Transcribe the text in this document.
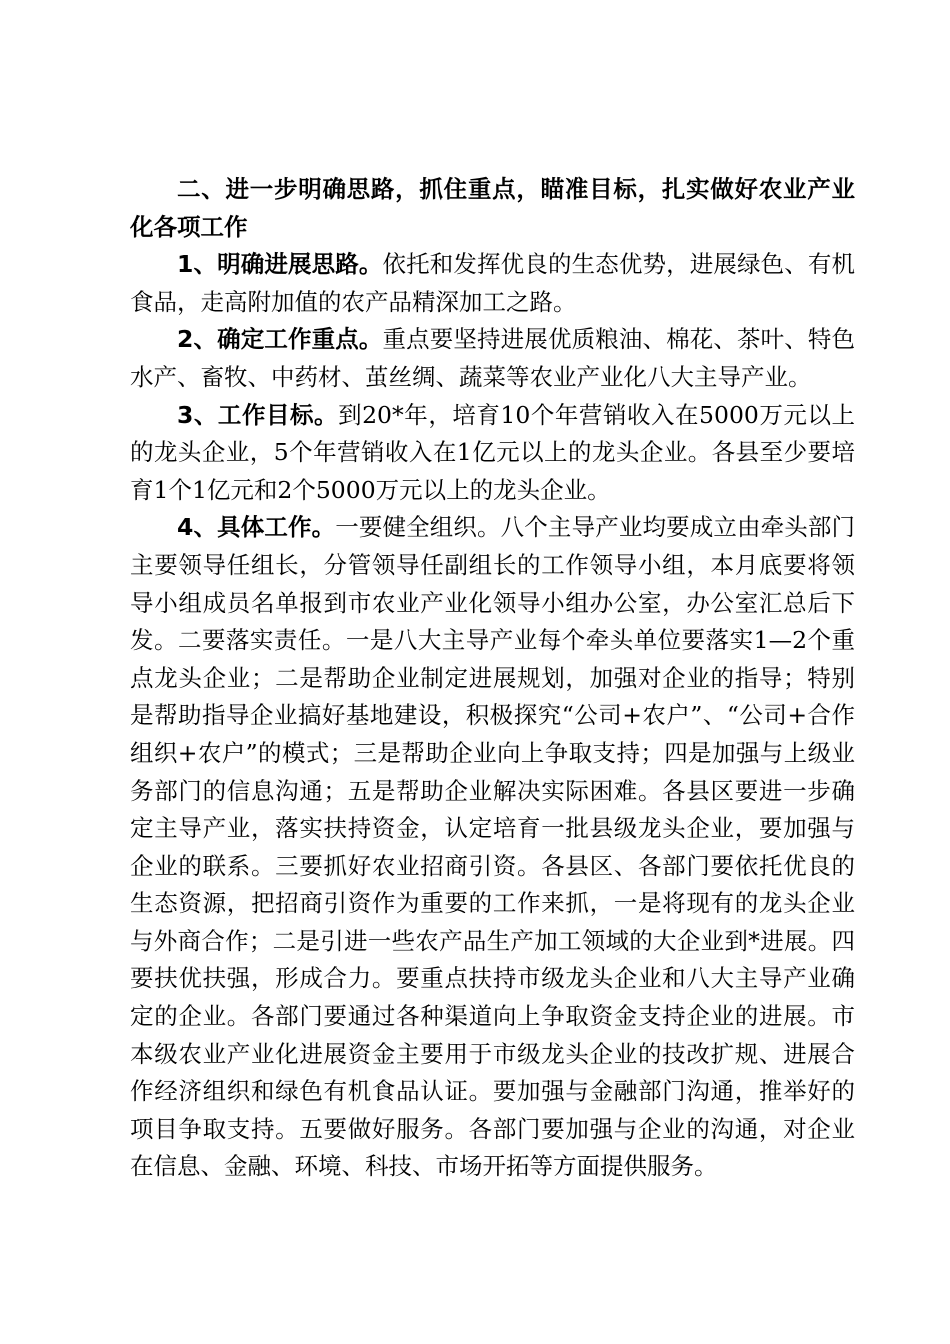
二、进一步明确思路，抓住重点，瞄准目标，扎实做好农业产业化各项工作

1、明确进展思路。依托和发挥优良的生态优势，进展绿色、有机食品，走高附加值的农产品精深加工之路。

2、确定工作重点。重点要坚持进展优质粮油、棉花、茶叶、特色水产、畜牧、中药材、茧丝绸、蔬菜等农业产业化八大主导产业。

3、工作目标。到20*年，培育10个年营销收入在5000万元以上的龙头企业，5个年营销收入在1亿元以上的龙头企业。各县至少要培育1个1亿元和2个5000万元以上的龙头企业。

4、具体工作。一要健全组织。八个主导产业均要成立由牵头部门主要领导任组长，分管领导任副组长的工作领导小组，本月底要将领导小组成员名单报到市农业产业化领导小组办公室，办公室汇总后下发。二要落实责任。一是八大主导产业每个牵头单位要落实1—2个重点龙头企业；二是帮助企业制定进展规划，加强对企业的指导；特别是帮助指导企业搞好基地建设，积极探究“公司+农户”、“公司+合作组织+农户”的模式；三是帮助企业向上争取支持；四是加强与上级业务部门的信息沟通；五是帮助企业解决实际困难。各县区要进一步确定主导产业，落实扶持资金，认定培育一批县级龙头企业，要加强与企业的联系。三要抓好农业招商引资。各县区、各部门要依托优良的生态资源，把招商引资作为重要的工作来抓，一是将现有的龙头企业与外商合作；二是引进一些农产品生产加工领域的大企业到*进展。四要扶优扶强，形成合力。要重点扶持市级龙头企业和八大主导产业确定的企业。各部门要通过各种渠道向上争取资金支持企业的进展。市本级农业产业化进展资金主要用于市级龙头企业的技改扩规、进展合作经济组织和绿色有机食品认证。要加强与金融部门沟通，推举好的项目争取支持。五要做好服务。各部门要加强与企业的沟通，对企业在信息、金融、环境、科技、市场开拓等方面提供服务。
